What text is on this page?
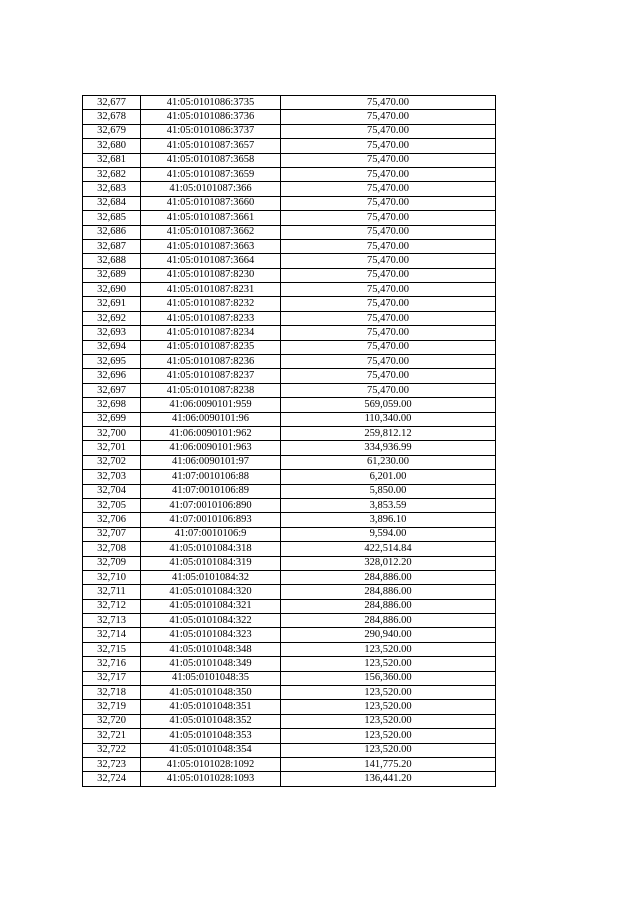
32,677	41:05:0101086:3735	75,470.00
32,678	41:05:0101086:3736	75,470.00
32,679	41:05:0101086:3737	75,470.00
32,680	41:05:0101087:3657	75,470.00
32,681	41:05:0101087:3658	75,470.00
32,682	41:05:0101087:3659	75,470.00
32,683	41:05:0101087:366	75,470.00
32,684	41:05:0101087:3660	75,470.00
32,685	41:05:0101087:3661	75,470.00
32,686	41:05:0101087:3662	75,470.00
32,687	41:05:0101087:3663	75,470.00
32,688	41:05:0101087:3664	75,470.00
32,689	41:05:0101087:8230	75,470.00
32,690	41:05:0101087:8231	75,470.00
32,691	41:05:0101087:8232	75,470.00
32,692	41:05:0101087:8233	75,470.00
32,693	41:05:0101087:8234	75,470.00
32,694	41:05:0101087:8235	75,470.00
32,695	41:05:0101087:8236	75,470.00
32,696	41:05:0101087:8237	75,470.00
32,697	41:05:0101087:8238	75,470.00
32,698	41:06:0090101:959	569,059.00
32,699	41:06:0090101:96	110,340.00
32,700	41:06:0090101:962	259,812.12
32,701	41:06:0090101:963	334,936.99
32,702	41:06:0090101:97	61,230.00
32,703	41:07:0010106:88	6,201.00
32,704	41:07:0010106:89	5,850.00
32,705	41:07:0010106:890	3,853.59
32,706	41:07:0010106:893	3,896.10
32,707	41:07:0010106:9	9,594.00
32,708	41:05:0101084:318	422,514.84
32,709	41:05:0101084:319	328,012.20
32,710	41:05:0101084:32	284,886.00
32,711	41:05:0101084:320	284,886.00
32,712	41:05:0101084:321	284,886.00
32,713	41:05:0101084:322	284,886.00
32,714	41:05:0101084:323	290,940.00
32,715	41:05:0101048:348	123,520.00
32,716	41:05:0101048:349	123,520.00
32,717	41:05:0101048:35	156,360.00
32,718	41:05:0101048:350	123,520.00
32,719	41:05:0101048:351	123,520.00
32,720	41:05:0101048:352	123,520.00
32,721	41:05:0101048:353	123,520.00
32,722	41:05:0101048:354	123,520.00
32,723	41:05:0101028:1092	141,775.20
32,724	41:05:0101028:1093	136,441.20
